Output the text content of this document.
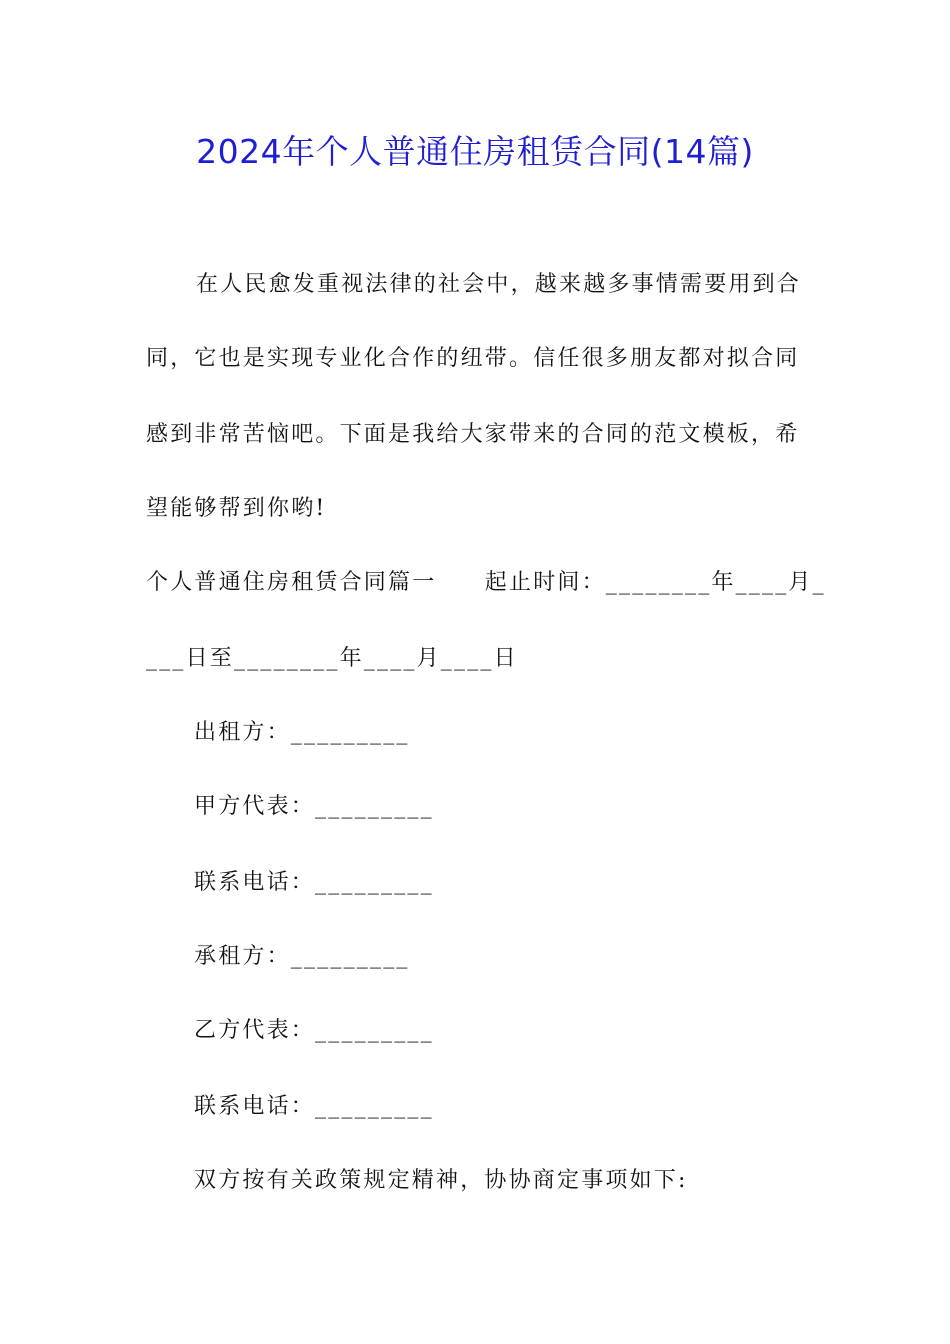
2024年个人普通住房租赁合同(14篇)
在人民愈发重视法律的社会中，越来越多事情需要用到合
同，它也是实现专业化合作的纽带。信任很多朋友都对拟合同
感到非常苦恼吧。下面是我给大家带来的合同的范文模板，希
望能够帮到你哟!
个人普通住房租赁合同篇一　　起止时间：________年____月_
___日至________年____月____日
出租方：_________
甲方代表：_________
联系电话：_________
承租方：_________
乙方代表：_________
联系电话：_________
双方按有关政策规定精神，协协商定事项如下:
